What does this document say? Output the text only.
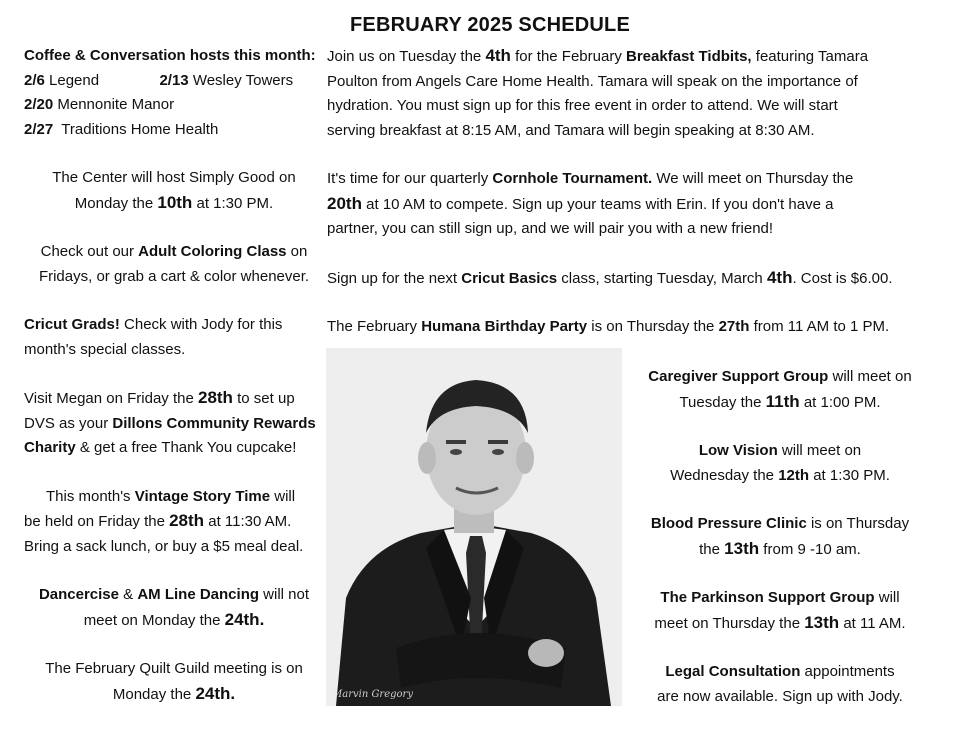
FEBRUARY 2025 SCHEDULE
Coffee & Conversation hosts this month:
2/6 Legend	2/13 Wesley Towers
2/20 Mennonite Manor
2/27 Traditions Home Health
The Center will host Simply Good on
Monday the 10th at 1:30 PM.
Check out our Adult Coloring Class on
Fridays, or grab a cart & color whenever.
Cricut Grads! Check with Jody for this
month's special classes.
Visit Megan on Friday the 28th to set up
DVS as your Dillons Community Rewards
Charity & get a free Thank You cupcake!
This month's Vintage Story Time will
be held on Friday the 28th at 11:30 AM.
Bring a sack lunch, or buy a $5 meal deal.
Dancercise & AM Line Dancing will not
meet on Monday the 24th.
The February Quilt Guild meeting is on
Monday the 24th.
Join us on Tuesday the 4th for the February Breakfast Tidbits, featuring Tamara
Poulton from Angels Care Home Health. Tamara will speak on the importance of
hydration. You must sign up for this free event in order to attend. We will start
serving breakfast at 8:15 AM, and Tamara will begin speaking at 8:30 AM.
It's time for our quarterly Cornhole Tournament. We will meet on Thursday the
20th at 10 AM to compete. Sign up your teams with Erin. If you don't have a
partner, you can still sign up, and we will pair you with a new friend!
Sign up for the next Cricut Basics class, starting Tuesday, March 4th. Cost is $6.00.
The February Humana Birthday Party is on Thursday the 27th from 11 AM to 1 PM.
Marvin Gregory
Caregiver Support Group will meet on
Tuesday the 11th at 1:00 PM.
Low Vision will meet on
Wednesday the 12th at 1:30 PM.
Blood Pressure Clinic is on Thursday
the 13th from 9 -10 am.
The Parkinson Support Group will
meet on Thursday the 13th at 11 AM.
Legal Consultation appointments
are now available. Sign up with Jody.
